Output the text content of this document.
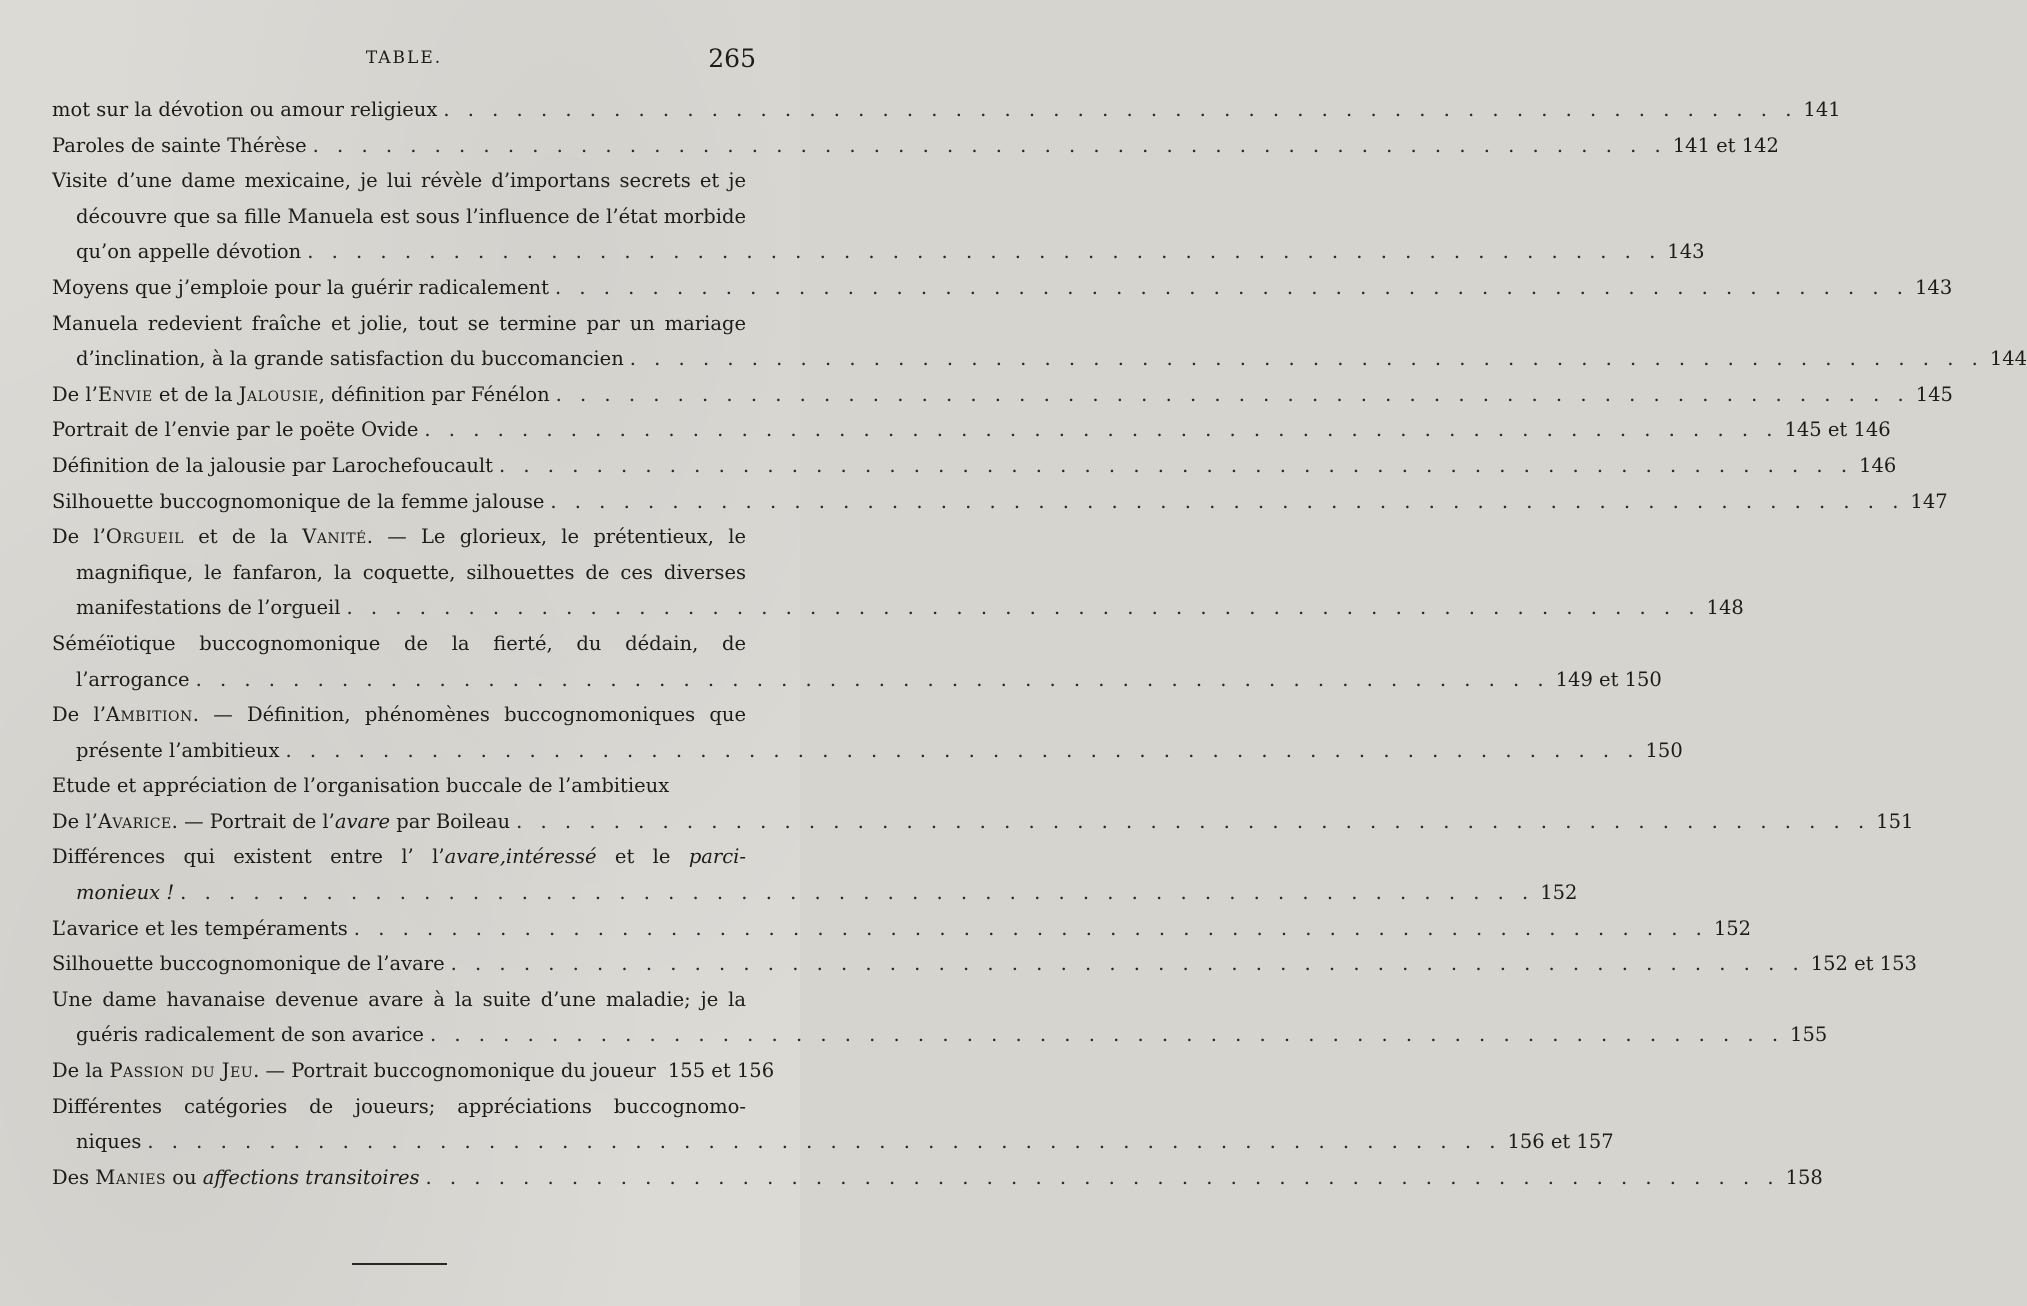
TABLE.	265
mot sur la dévotion ou amour religieux . . .	141
Paroles de sainte Thérèse . . .	141 et 142
Visite d’une dame mexicaine, je lui révèle d’importans secrets et je
découvre que sa fille Manuela est sous l’influence de l’état morbide
qu’on appelle dévotion . . .	143
Moyens que j’emploie pour la guérir radicalement . . .	143
Manuela redevient fraîche et jolie, tout se termine par un mariage
d’inclination, à la grande satisfaction du buccomancien . . .	144
De l’Envie et de la Jalousie, définition par Fénélon . . .	145
Portrait de l’envie par le poëte Ovide . . .	145 et 146
Définition de la jalousie par Larochefoucault . . .	146
Silhouette buccognomonique de la femme jalouse . . .	147
De l’Orgueil et de la Vanité. — Le glorieux, le prétentieux, le
magnifique, le fanfaron, la coquette, silhouettes de ces diverses
manifestations de l’orgueil . . .	148
Séméïotique buccognomonique de la fierté, du dédain, de
l’arrogance . . .	149 et 150
De l’Ambition. — Définition, phénomènes buccognomoniques que
présente l’ambitieux . . .	150
Etude et appréciation de l’organisation buccale de l’ambitieux
De l’Avarice. — Portrait de l’avare par Boileau . . .	151
Différences qui existent entre l’ l’avare,intéressé et le parci-
monieux ! . . .	152
L’avarice et les tempéraments . . .	152
Silhouette buccognomonique de l’avare . . .	152 et 153
Une dame havanaise devenue avare à la suite d’une maladie; je la
guéris radicalement de son avarice . . .	155
De la Passion du Jeu. — Portrait buccognomonique du joueur 155 et 156
Différentes catégories de joueurs; appréciations buccognomo-
niques . . .	156 et 157
Des Manies ou affections transitoires . . .	158
